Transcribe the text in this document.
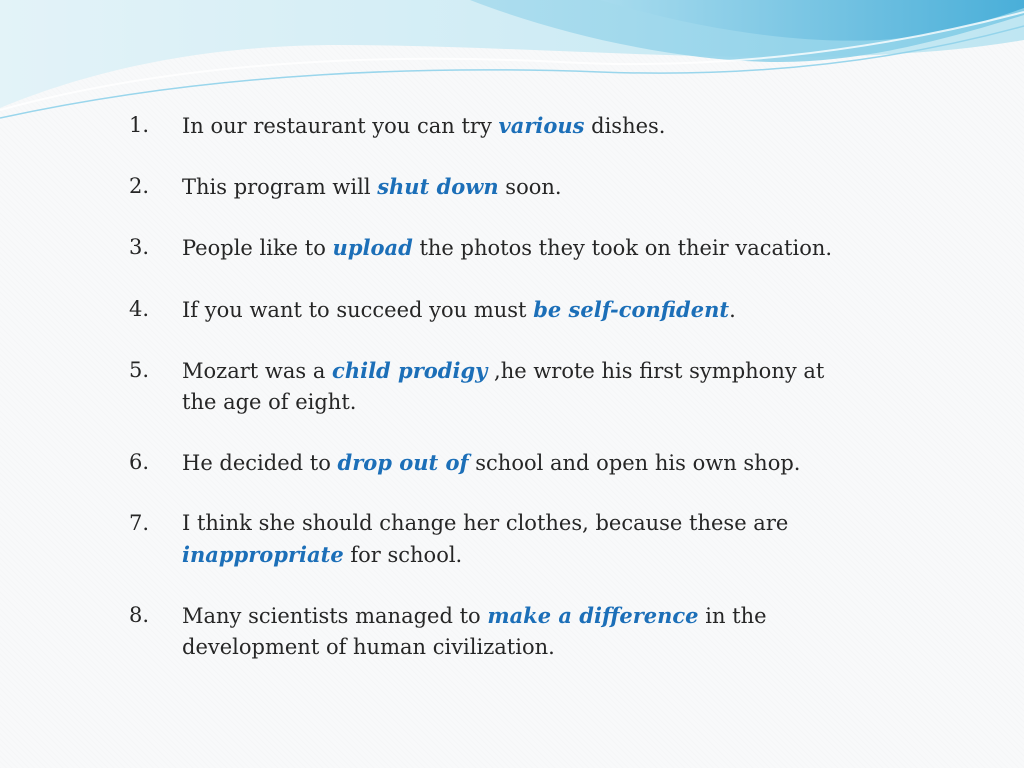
1. In our restaurant you can try various dishes.
2. This program will shut down soon.
3. People like to upload the photos they took on their vacation.
4. If you want to succeed you must be self-confident.
5. Mozart was a child prodigy ,he wrote his first symphony at the age of eight.
6. He decided to drop out of school and open his own shop.
7. I think she should change her clothes, because these are inappropriate for school.
8. Many scientists managed to make a difference in the development of human civilization.
